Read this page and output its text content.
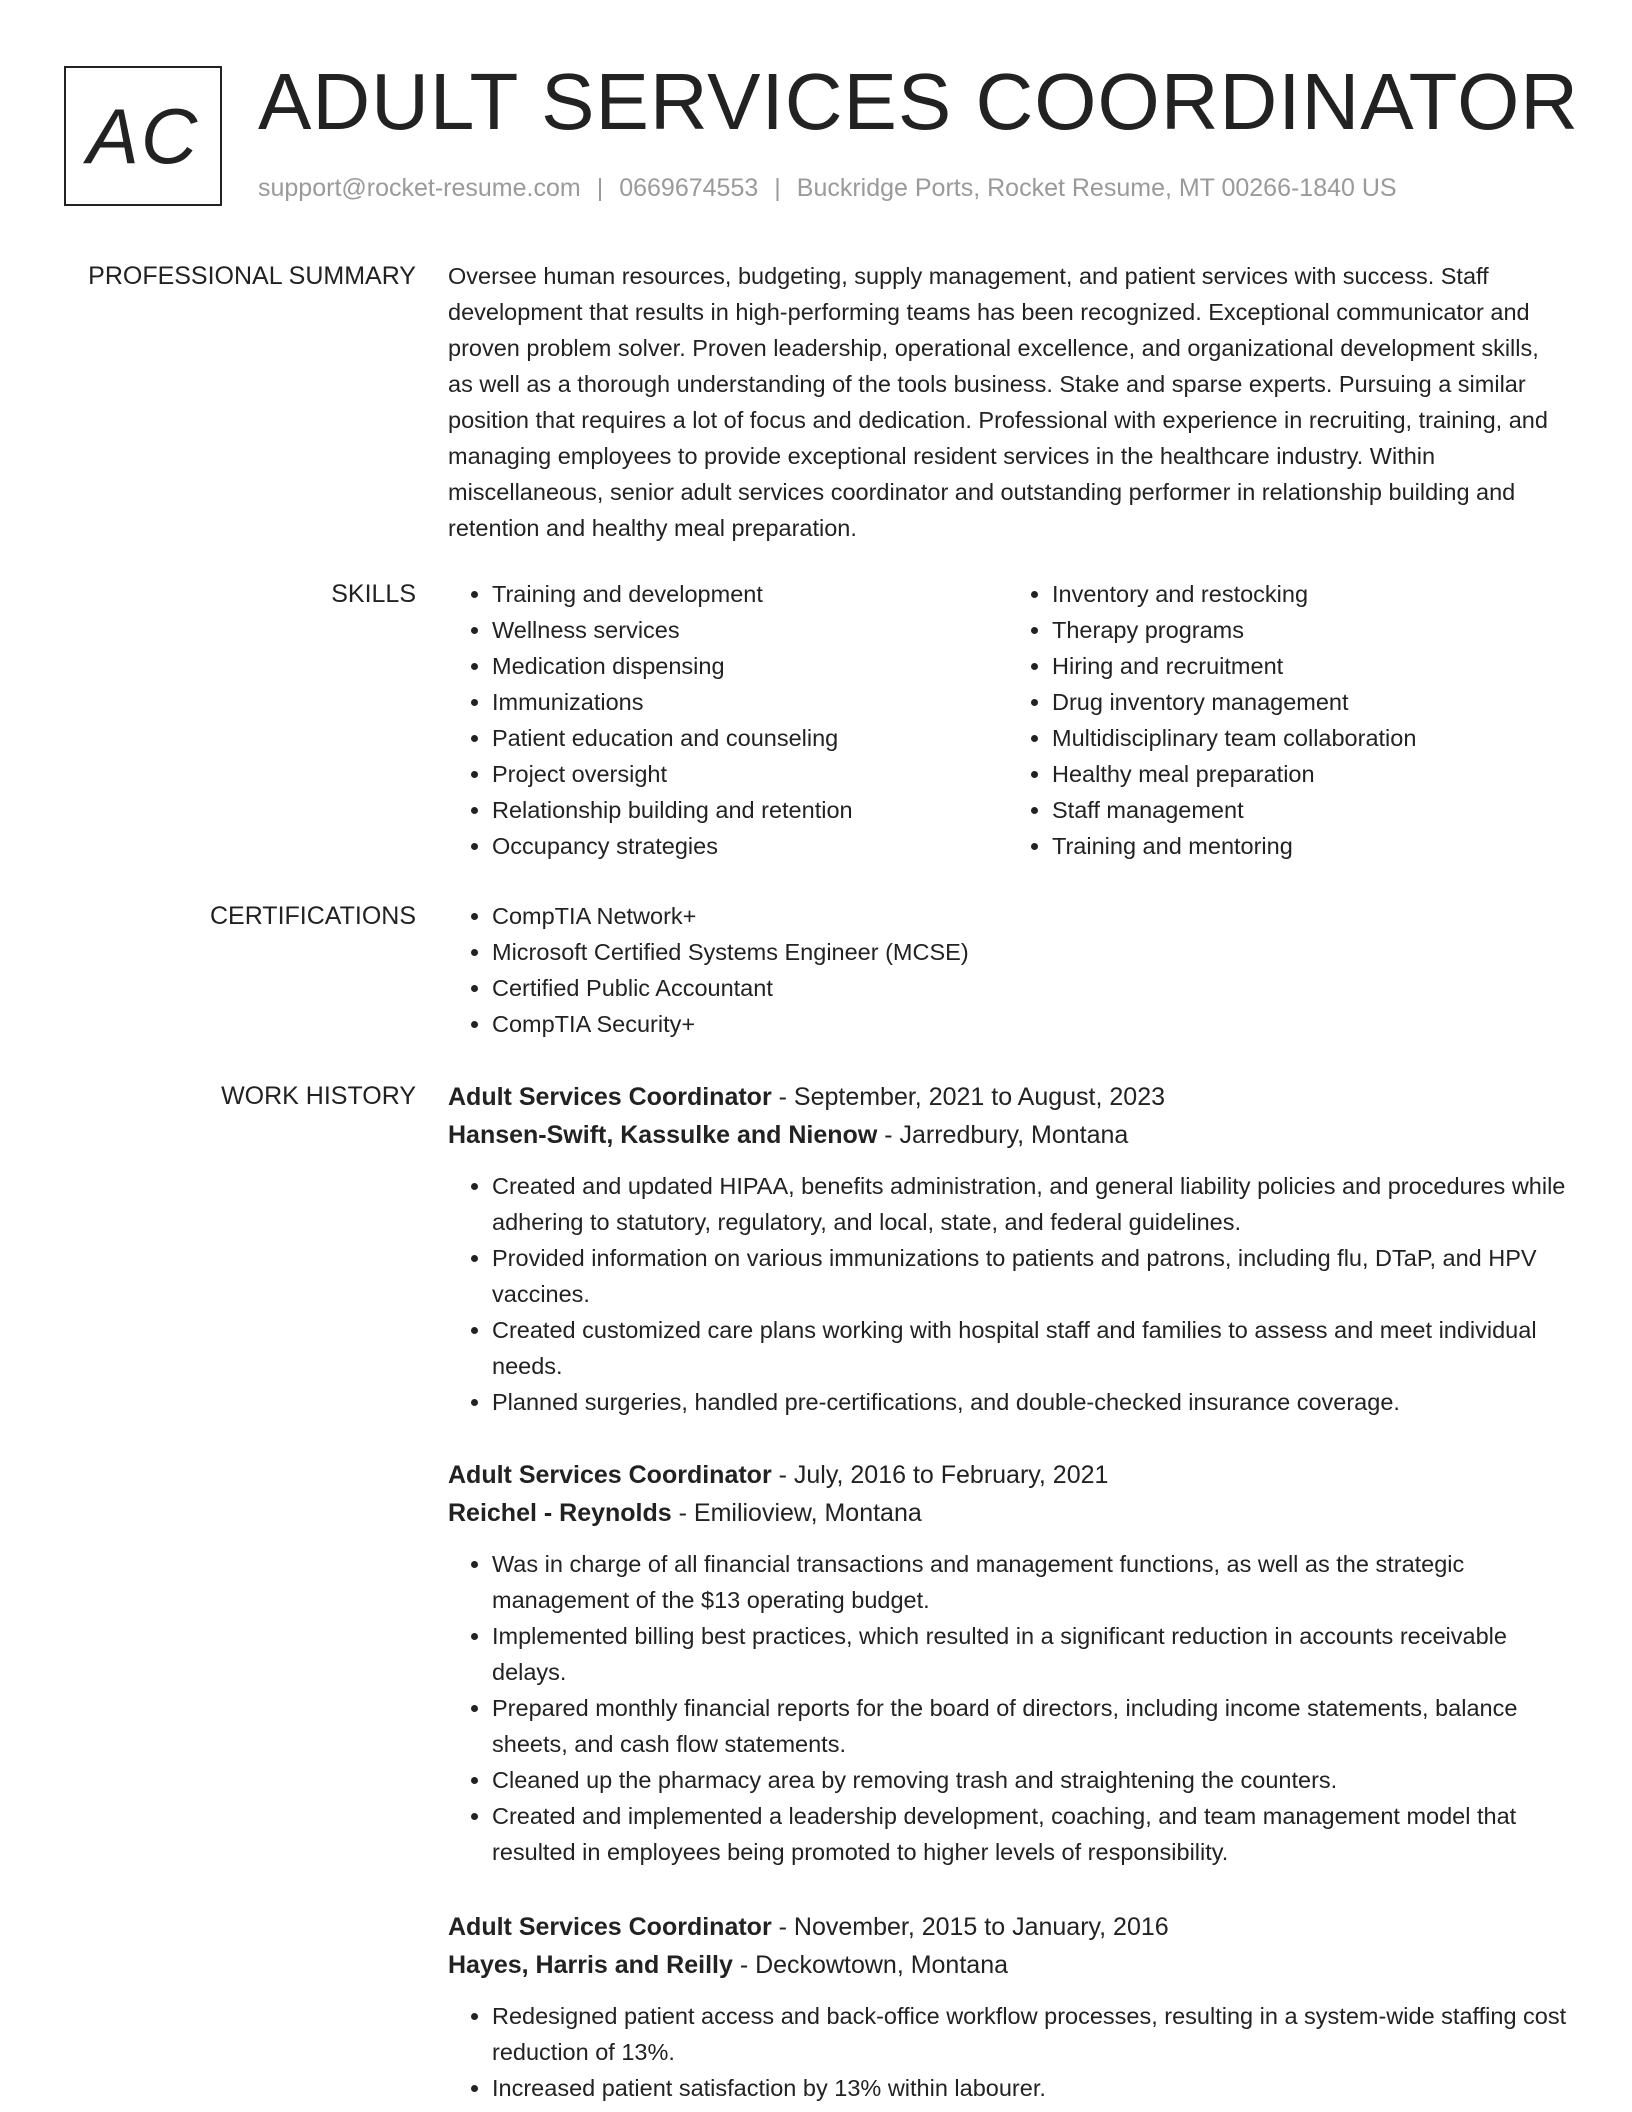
AC ADULT SERVICES COORDINATOR
support@rocket-resume.com | 0669674553 | Buckridge Ports, Rocket Resume, MT 00266-1840 US
PROFESSIONAL SUMMARY Oversee human resources, budgeting, supply management, and patient services with success. Staff development that results in high-performing teams has been recognized. Exceptional communicator and proven problem solver. Proven leadership, operational excellence, and organizational development skills, as well as a thorough understanding of the tools business. Stake and sparse experts. Pursuing a similar position that requires a lot of focus and dedication. Professional with experience in recruiting, training, and managing employees to provide exceptional resident services in the healthcare industry. Within miscellaneous, senior adult services coordinator and outstanding performer in relationship building and retention and healthy meal preparation.

SKILLS	• Training and development
• Wellness services
• Medication dispensing
• Immunizations
• Patient education and counseling
• Project oversight
• Relationship building and retention
• Occupancy strategies
• Inventory and restocking
• Therapy programs
• Hiring and recruitment
• Drug inventory management
• Multidisciplinary team collaboration
• Healthy meal preparation
• Staff management
• Training and mentoring
CERTIFICATIONS	• CompTIA Network+
• Microsoft Certified Systems Engineer (MCSE)
• Certified Public Accountant
• CompTIA Security+
WORK HISTORY Adult Services Coordinator - September, 2021 to August, 2023
Hansen-Swift, Kassulke and Nienow - Jarredbury, Montana
• Created and updated HIPAA, benefits administration, and general liability policies and procedures while adhering to statutory, regulatory, and local, state, and federal guidelines.
• Provided information on various immunizations to patients and patrons, including flu, DTaP, and HPV vaccines.
• Created customized care plans working with hospital staff and families to assess and meet individual needs.
• Planned surgeries, handled pre-certifications, and double-checked insurance coverage.
Adult Services Coordinator - July, 2016 to February, 2021
Reichel - Reynolds - Emilioview, Montana
• Was in charge of all financial transactions and management functions, as well as the strategic management of the $13 operating budget.
• Implemented billing best practices, which resulted in a significant reduction in accounts receivable delays.
• Prepared monthly financial reports for the board of directors, including income statements, balance sheets, and cash flow statements.
• Cleaned up the pharmacy area by removing trash and straightening the counters.
• Created and implemented a leadership development, coaching, and team management model that resulted in employees being promoted to higher levels of responsibility.
Adult Services Coordinator - November, 2015 to January, 2016
Hayes, Harris and Reilly - Deckowtown, Montana
• Redesigned patient access and back-office workflow processes, resulting in a system-wide staffing cost reduction of 13%.
• Increased patient satisfaction by 13% within labourer.
